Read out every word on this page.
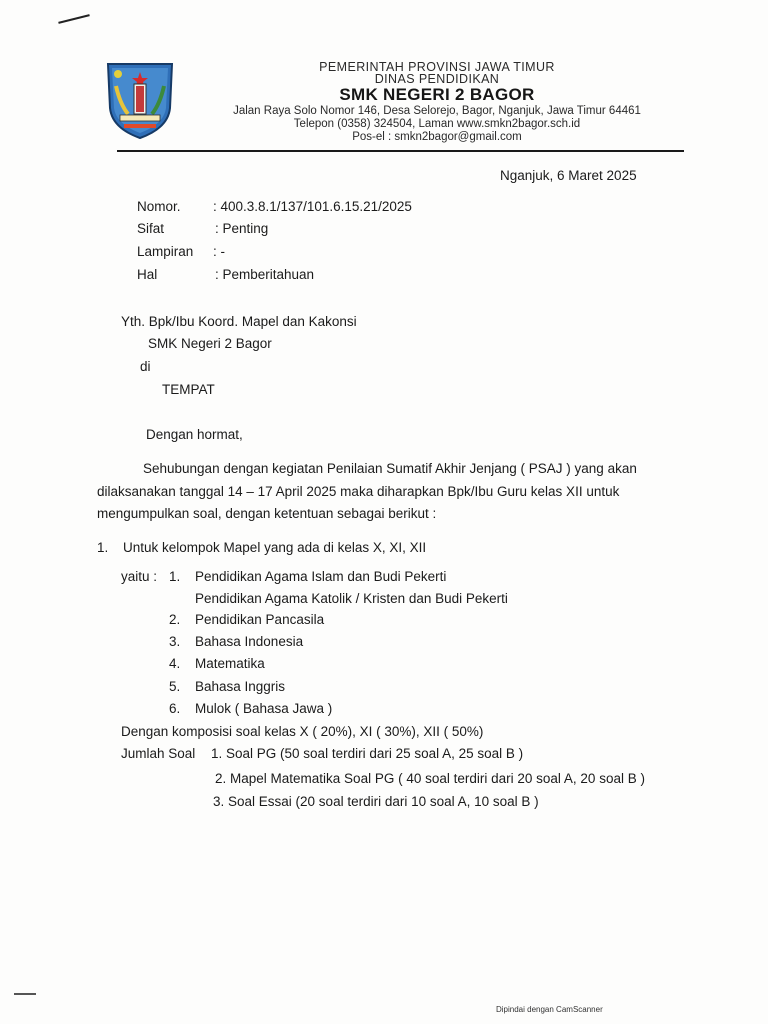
PEMERINTAH PROVINSI JAWA TIMUR
DINAS PENDIDIKAN
SMK NEGERI 2 BAGOR
Jalan Raya Solo Nomor 146, Desa Selorejo, Bagor, Nganjuk, Jawa Timur 64461
Telepon (0358) 324504, Laman www.smkn2bagor.sch.id
Pos-el : smkn2bagor@gmail.com
Nganjuk, 6 Maret 2025
Nomor. : 400.3.8.1/137/101.6.15.21/2025
Sifat	: Penting
Lampiran : -
Hal	: Pemberitahuan
Yth. Bpk/Ibu Koord. Mapel dan Kakonsi
SMK Negeri 2 Bagor
di
TEMPAT
Dengan hormat,
Sehubungan dengan kegiatan Penilaian Sumatif Akhir Jenjang ( PSAJ ) yang akan
dilaksanakan tanggal 14 – 17 April 2025 maka diharapkan Bpk/Ibu Guru kelas XII untuk
mengumpulkan soal, dengan ketentuan sebagai berikut :
1. Untuk kelompok Mapel yang ada di kelas X, XI, XII
yaitu : 1. Pendidikan Agama Islam dan Budi Pekerti
Pendidikan Agama Katolik / Kristen dan Budi Pekerti
2. Pendidikan Pancasila
3. Bahasa Indonesia
4. Matematika
5. Bahasa Inggris
6. Mulok ( Bahasa Jawa )
Dengan komposisi soal kelas X ( 20%), XI ( 30%), XII ( 50%)
Jumlah Soal 1. Soal PG (50 soal terdiri dari 25 soal A, 25 soal B )
2. Mapel Matematika Soal PG ( 40 soal terdiri dari 20 soal A, 20 soal B )
3. Soal Essai (20 soal terdiri dari 10 soal A, 10 soal B )
Dipindai dengan CamScanner
